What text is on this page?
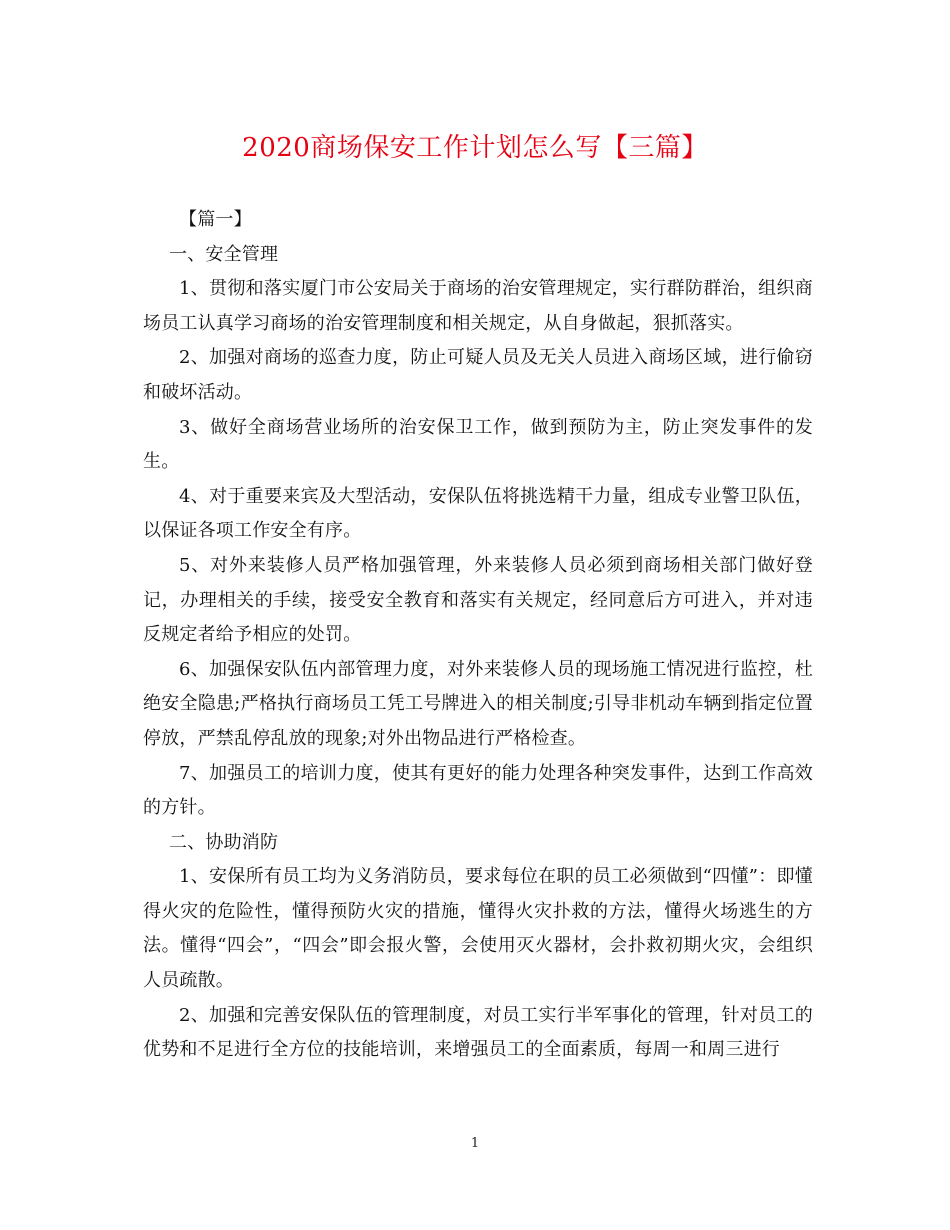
2020商场保安工作计划怎么写【三篇】

【篇一】

一、安全管理

1、贯彻和落实厦门市公安局关于商场的治安管理规定，实行群防群治，组织商场员工认真学习商场的治安管理制度和相关规定，从自身做起，狠抓落实。

2、加强对商场的巡查力度，防止可疑人员及无关人员进入商场区域，进行偷窃和破坏活动。

3、做好全商场营业场所的治安保卫工作，做到预防为主，防止突发事件的发生。

4、对于重要来宾及大型活动，安保队伍将挑选精干力量，组成专业警卫队伍，以保证各项工作安全有序。

5、对外来装修人员严格加强管理，外来装修人员必须到商场相关部门做好登记，办理相关的手续，接受安全教育和落实有关规定，经同意后方可进入，并对违反规定者给予相应的处罚。

6、加强保安队伍内部管理力度，对外来装修人员的现场施工情况进行监控，杜绝安全隐患;严格执行商场员工凭工号牌进入的相关制度;引导非机动车辆到指定位置停放，严禁乱停乱放的现象;对外出物品进行严格检查。

7、加强员工的培训力度，使其有更好的能力处理各种突发事件，达到工作高效的方针。

二、协助消防

1、安保所有员工均为义务消防员，要求每位在职的员工必须做到“四懂”：即懂得火灾的危险性，懂得预防火灾的措施，懂得火灾扑救的方法，懂得火场逃生的方法。懂得“四会”，“四会”即会报火警，会使用灭火器材，会扑救初期火灾，会组织人员疏散。

2、加强和完善安保队伍的管理制度，对员工实行半军事化的管理，针对员工的优势和不足进行全方位的技能培训，来增强员工的全面素质，每周一和周三进行

1
